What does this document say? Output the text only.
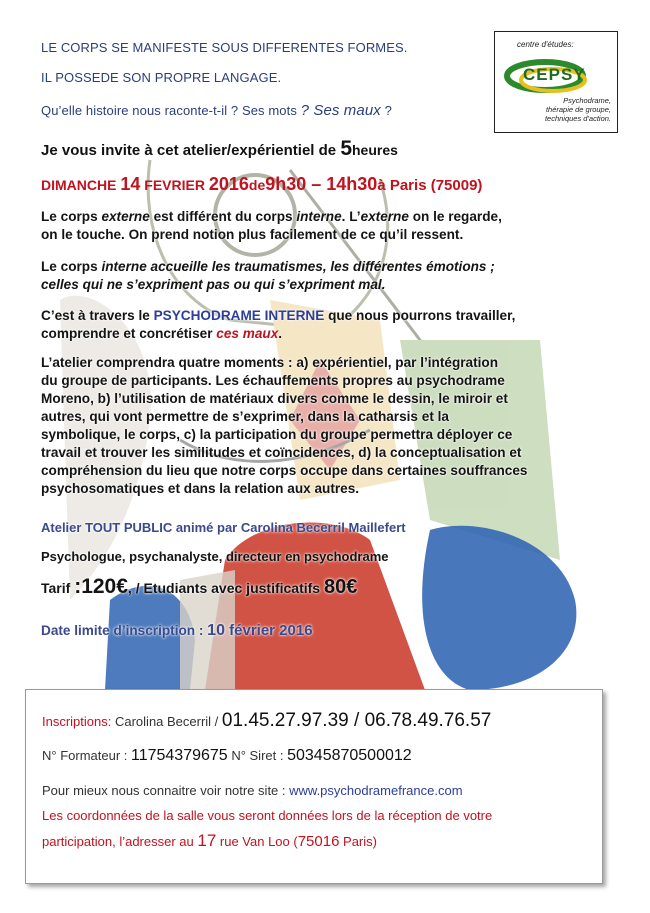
LE CORPS SE MANIFESTE SOUS DIFFERENTES FORMES.
IL POSSEDE SON PROPRE LANGAGE.
Qu’elle histoire nous raconte-t-il ? Ses mots ? Ses maux ?
centre d'études:
CEPSY
Psychodrame,
thérapie de groupe,
techniques d'action.
Je vous invite à cet atelier/expérientiel de 5heures
DIMANCHE 14 FEVRIER 2016de9h30 – 14h30à Paris (75009)
Le corps externe est différent du corps interne. L’externe on le regarde,
on le touche. On prend notion plus facilement de ce qu’il ressent.
Le corps interne accueille les traumatismes, les différentes émotions ;
celles qui ne s’expriment pas ou qui s’expriment mal.
C’est à travers le PSYCHODRAME INTERNE que nous pourrons travailler,
comprendre et concrétiser ces maux.
L’atelier comprendra quatre moments : a) expérientiel, par l’intégration
du groupe de participants. Les échauffements propres au psychodrame
Moreno, b) l’utilisation de matériaux divers comme le dessin, le miroir et
autres, qui vont permettre de s’exprimer, dans la catharsis et la
symbolique, le corps, c) la participation du groupe permettra déployer ce
travail et trouver les similitudes et coïncidences, d) la conceptualisation et
compréhension du lieu que notre corps occupe dans certaines souffrances
psychosomatiques et dans la relation aux autres.
Atelier TOUT PUBLIC animé par Carolina Becerril Maillefert
Psychologue, psychanalyste, directeur en psychodrame
Tarif :120€, / Etudiants avec justificatifs 80€
Date limite d’inscription : 10 février 2016
Inscriptions: Carolina Becerril / 01.45.27.97.39 / 06.78.49.76.57
N° Formateur : 11754379675 N° Siret : 50345870500012
Pour mieux nous connaitre voir notre site : www.psychodramefrance.com
Les coordonnées de la salle vous seront données lors de la réception de votre
participation, l’adresser au 17 rue Van Loo (75016 Paris)
